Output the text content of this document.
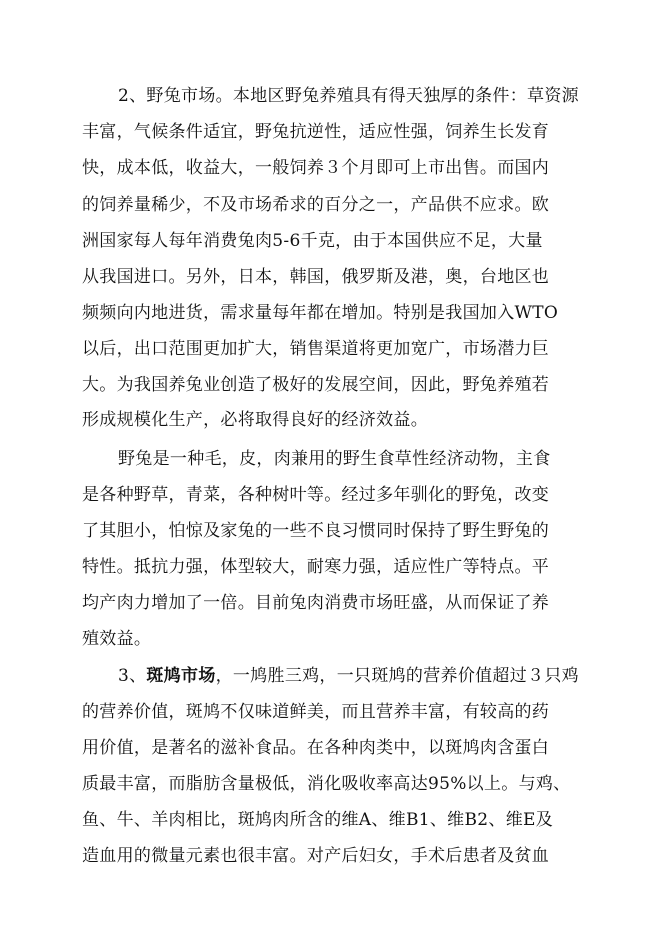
2、野兔市场。本地区野兔养殖具有得天独厚的条件：草资源
丰富，气候条件适宜，野兔抗逆性，适应性强，饲养生长发育
快，成本低，收益大，一般饲养３个月即可上市出售。而国内
的饲养量稀少，不及市场希求的百分之一，产品供不应求。欧
洲国家每人每年消费兔肉5-6千克，由于本国供应不足，大量
从我国进口。另外，日本，韩国，俄罗斯及港，奥，台地区也
频频向内地进货，需求量每年都在增加。特别是我国加入WTO
以后，出口范围更加扩大，销售渠道将更加宽广，市场潜力巨
大。为我国养兔业创造了极好的发展空间，因此，野兔养殖若
形成规模化生产，必将取得良好的经济效益。
野兔是一种毛，皮，肉兼用的野生食草性经济动物，主食
是各种野草，青菜，各种树叶等。经过多年驯化的野兔，改变
了其胆小，怕惊及家兔的一些不良习惯同时保持了野生野兔的
特性。抵抗力强，体型较大，耐寒力强，适应性广等特点。平
均产肉力增加了一倍。目前兔肉消费市场旺盛，从而保证了养
殖效益。
3、斑鸠市场，一鸠胜三鸡，一只斑鸠的营养价值超过３只鸡
的营养价值，斑鸠不仅味道鲜美，而且营养丰富，有较高的药
用价值，是著名的滋补食品。在各种肉类中，以斑鸠肉含蛋白
质最丰富，而脂肪含量极低，消化吸收率高达95%以上。与鸡、
鱼、牛、羊肉相比，斑鸠肉所含的维A、维B1、维B2、维E及
造血用的微量元素也很丰富。对产后妇女，手术后患者及贫血
